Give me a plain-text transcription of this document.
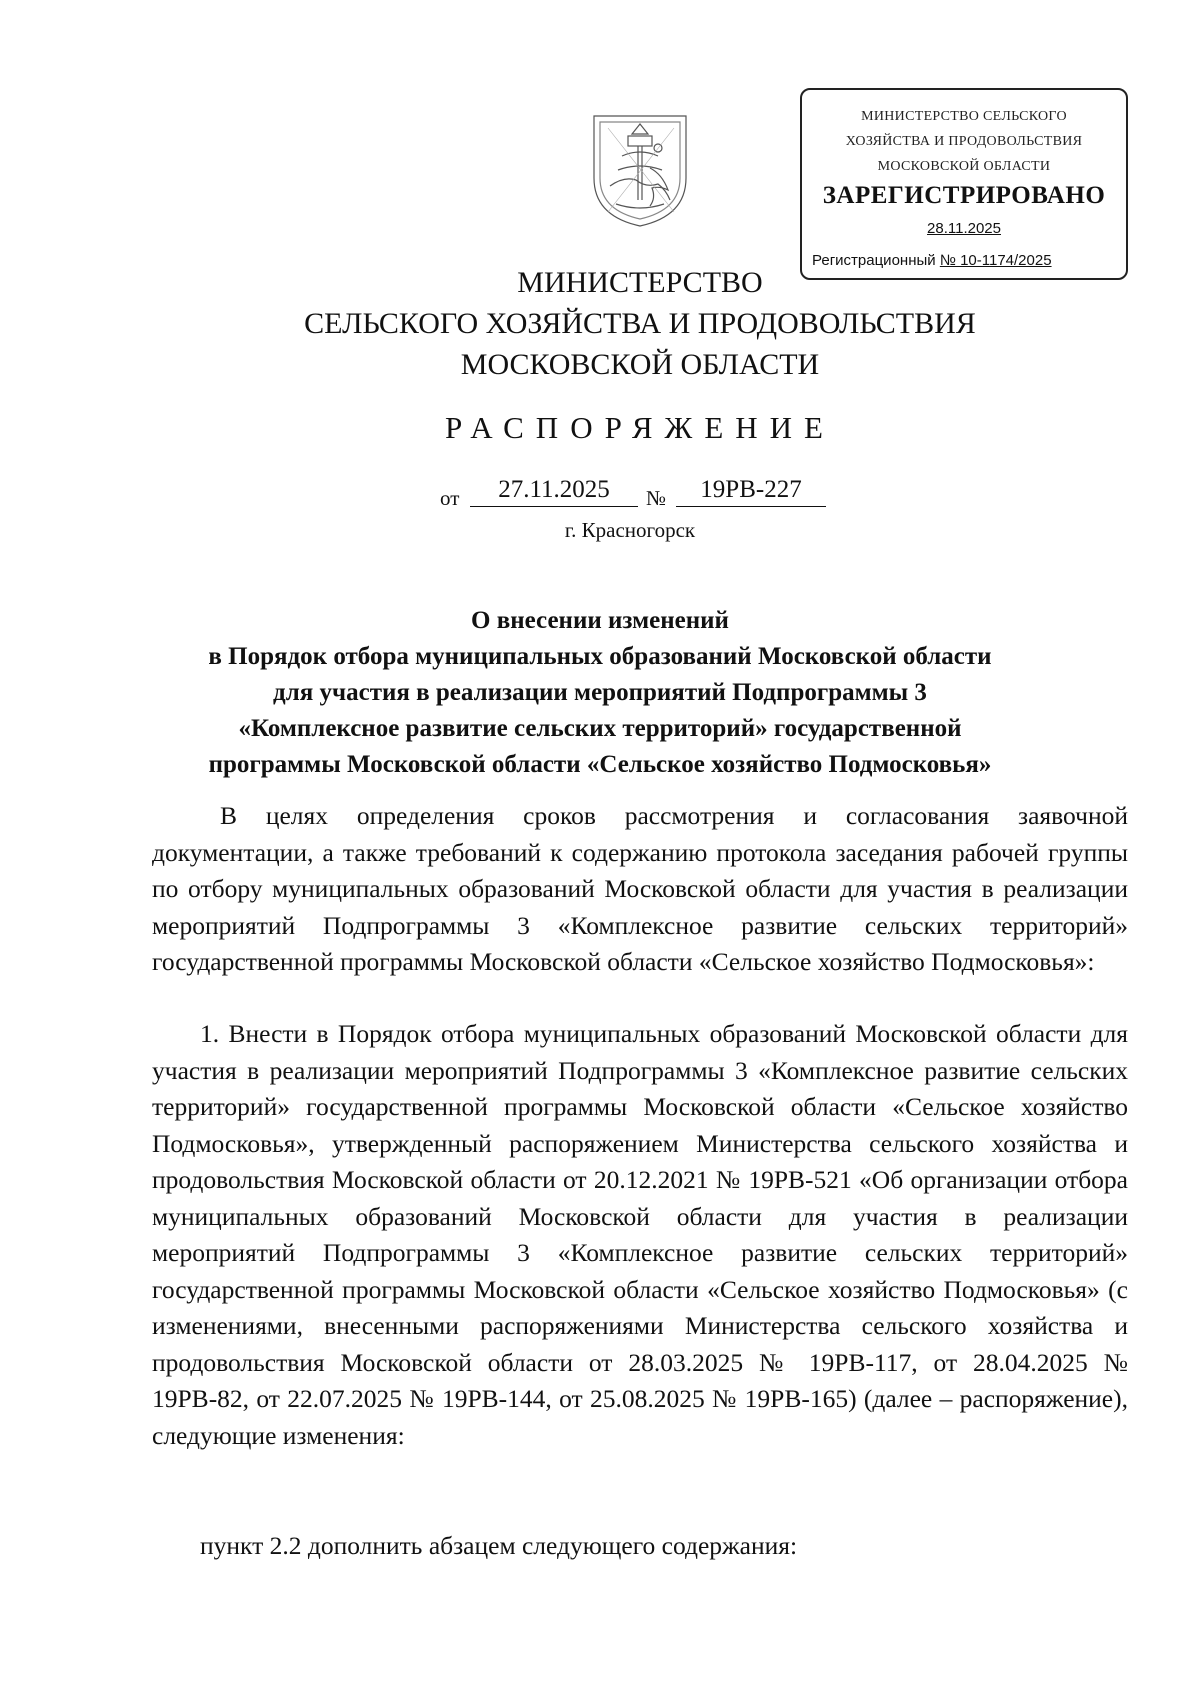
МИНИСТЕРСТВО СЕЛЬСКОГО
ХОЗЯЙСТВА И ПРОДОВОЛЬСТВИЯ
МОСКОВСКОЙ ОБЛАСТИ
ЗАРЕГИСТРИРОВАНО
28.11.2025
Регистрационный № 10-1174/2025
МИНИСТЕРСТВО
СЕЛЬСКОГО ХОЗЯЙСТВА И ПРОДОВОЛЬСТВИЯ
МОСКОВСКОЙ ОБЛАСТИ
РАСПОРЯЖЕНИЕ
от	27.11.2025	№	19РВ-227
г. Красногорск
О внесении изменений
в Порядок отбора муниципальных образований Московской области
для участия в реализации мероприятий Подпрограммы 3
«Комплексное развитие сельских территорий» государственной
программы Московской области «Сельское хозяйство Подмосковья»
В целях определения сроков рассмотрения и согласования заявочной документации, а также требований к содержанию протокола заседания рабочей группы по отбору муниципальных образований Московской области для участия в реализации мероприятий Подпрограммы 3 «Комплексное развитие сельских территорий» государственной программы Московской области «Сельское хозяйство Подмосковья»:
1. Внести в Порядок отбора муниципальных образований Московской области для участия в реализации мероприятий Подпрограммы 3 «Комплексное развитие сельских территорий» государственной программы Московской области «Сельское хозяйство Подмосковья», утвержденный распоряжением Министерства сельского хозяйства и продовольствия Московской области от 20.12.2021 № 19РВ-521 «Об организации отбора муниципальных образований Московской области для участия в реализации мероприятий Подпрограммы 3 «Комплексное развитие сельских территорий» государственной программы Московской области «Сельское хозяйство Подмосковья» (с изменениями, внесенными распоряжениями Министерства сельского хозяйства и продовольствия Московской области от 28.03.2025 № 19РВ-117, от 28.04.2025 № 19РВ-82, от 22.07.2025 № 19РВ-144, от 25.08.2025 № 19РВ-165) (далее – распоряжение), следующие изменения:
пункт 2.2 дополнить абзацем следующего содержания:
